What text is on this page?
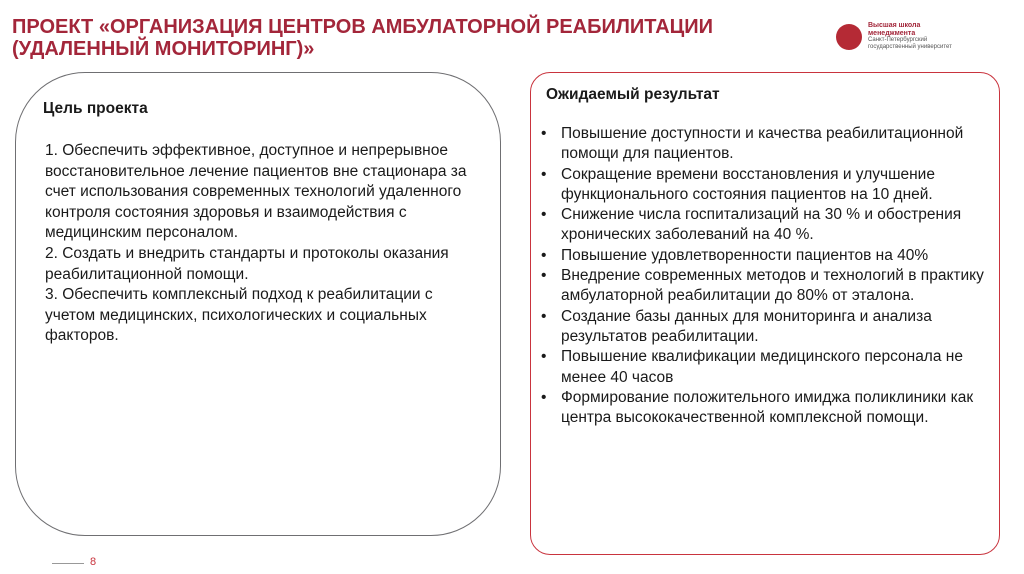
ПРОЕКТ «ОРГАНИЗАЦИЯ ЦЕНТРОВ АМБУЛАТОРНОЙ РЕАБИЛИТАЦИИ (УДАЛЕННЫЙ МОНИТОРИНГ)»
Высшая школа
менеджмента
Санкт-Петербургский
государственный университет
Цель проекта

1. Обеспечить эффективное, доступное и непрерывное восстановительное лечение пациентов вне стационара за счет использования современных технологий удаленного контроля состояния здоровья и взаимодействия с медицинским персоналом.

2. Создать и внедрить стандарты и протоколы оказания реабилитационной помощи.

3. Обеспечить комплексный подход к реабилитации с учетом медицинских, психологических и социальных факторов.

Ожидаемый результат
• Повышение доступности и качества реабилитационной помощи для пациентов.
• Сокращение времени восстановления и улучшение функционального состояния пациентов на 10 дней.
• Снижение числа госпитализаций на 30 % и обострения хронических заболеваний на 40 %.
• Повышение удовлетворенности пациентов на 40%
• Внедрение современных методов и технологий в практику амбулаторной реабилитации до 80% от эталона.
• Создание базы данных для мониторинга и анализа результатов реабилитации.
• Повышение квалификации медицинского персонала не менее 40 часов
• Формирование положительного имиджа поликлиники как центра высококачественной комплексной помощи.
8
